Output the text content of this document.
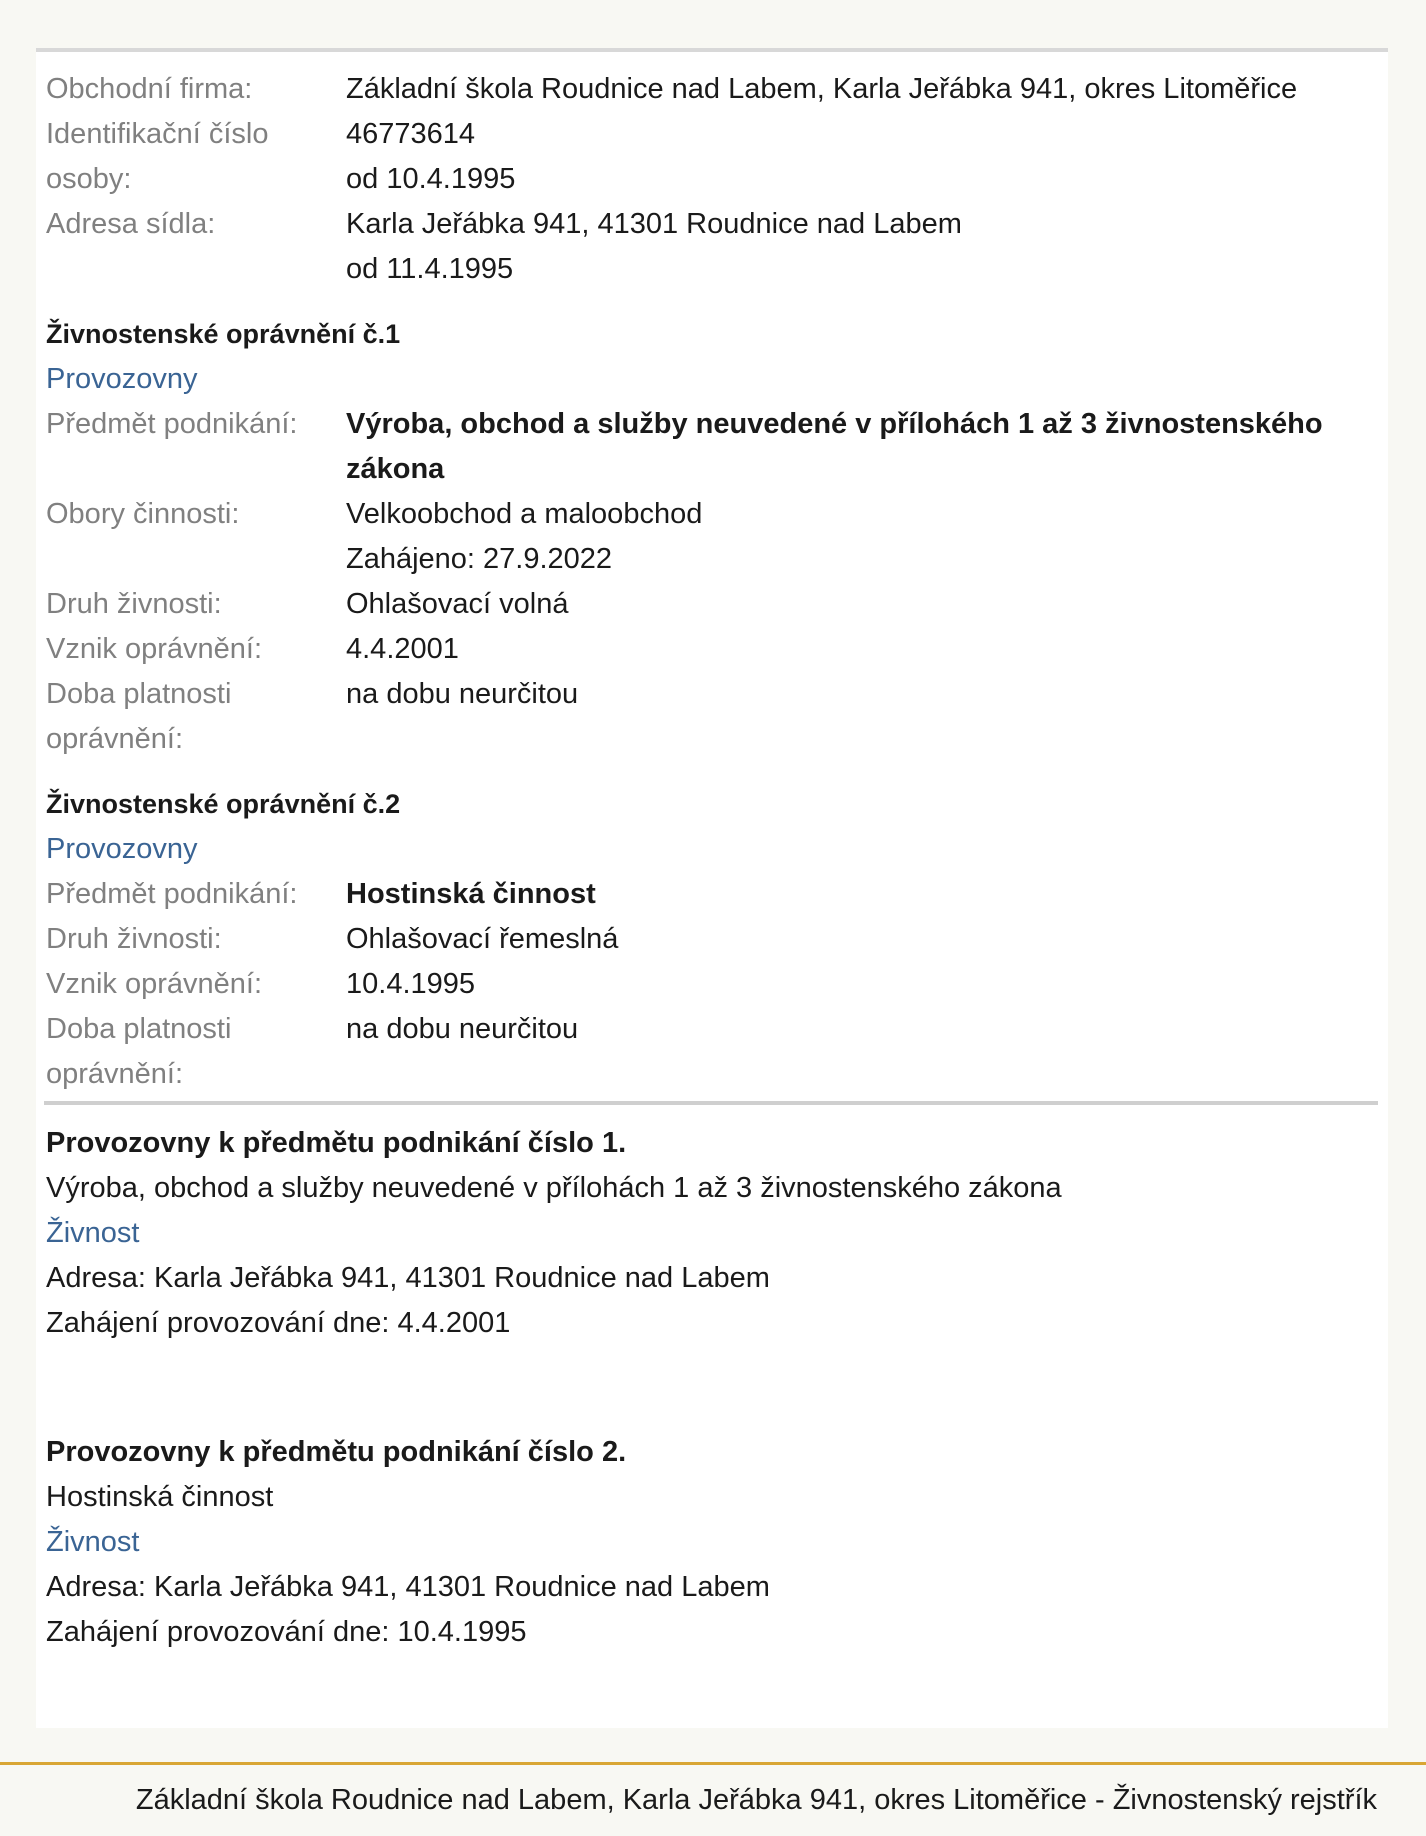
Obchodní firma:	Základní škola Roudnice nad Labem, Karla Jeřábka 941, okres Litoměřice
Identifikační číslo
osoby:
46773614
od 10.4.1995
Adresa sídla:	Karla Jeřábka 941, 41301 Roudnice nad Labem
od 11.4.1995
Živnostenské oprávnění č.1
Provozovny
Předmět podnikání:	Výroba, obchod a služby neuvedené v přílohách 1 až 3 živnostenského zákona
Obory činnosti:	Velkoobchod a maloobchod
Zahájeno: 27.9.2022
Druh živnosti:	Ohlašovací volná
Vznik oprávnění:	4.4.2001
Doba platnosti
oprávnění:
na dobu neurčitou
Živnostenské oprávnění č.2
Provozovny
Předmět podnikání:	Hostinská činnost
Druh živnosti:	Ohlašovací řemeslná
Vznik oprávnění:	10.4.1995
Doba platnosti
oprávnění:
na dobu neurčitou
Provozovny k předmětu podnikání číslo 1.
Výroba, obchod a služby neuvedené v přílohách 1 až 3 živnostenského zákona
Živnost
Adresa: Karla Jeřábka 941, 41301 Roudnice nad Labem
Zahájení provozování dne: 4.4.2001
Provozovny k předmětu podnikání číslo 2.
Hostinská činnost
Živnost
Adresa: Karla Jeřábka 941, 41301 Roudnice nad Labem
Zahájení provozování dne: 10.4.1995
Základní škola Roudnice nad Labem, Karla Jeřábka 941, okres Litoměřice - Živnostenský rejstřík
